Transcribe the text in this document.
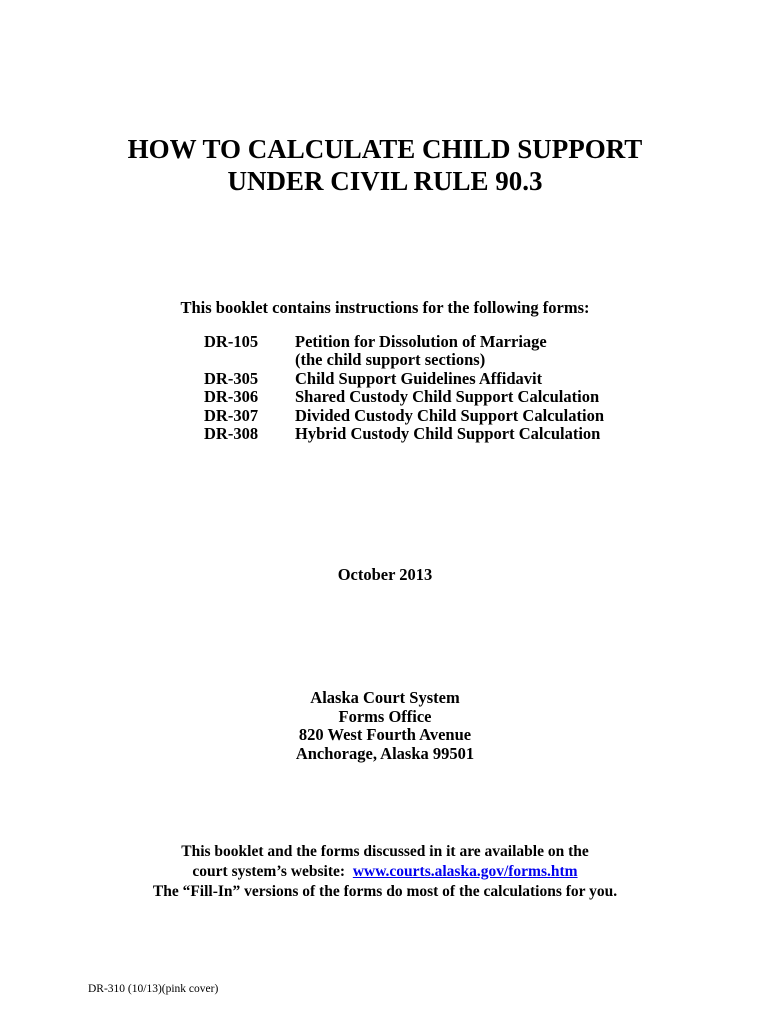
HOW TO CALCULATE CHILD SUPPORT
UNDER CIVIL RULE 90.3
This booklet contains instructions for the following forms:
DR-105	Petition for Dissolution of Marriage
(the child support sections)
DR-305	Child Support Guidelines Affidavit
DR-306	Shared Custody Child Support Calculation
DR-307	Divided Custody Child Support Calculation
DR-308	Hybrid Custody Child Support Calculation
October 2013
Alaska Court System
Forms Office
820 West Fourth Avenue
Anchorage, Alaska 99501
This booklet and the forms discussed in it are available on the
court system’s website: www.courts.alaska.gov/forms.htm
The “Fill-In” versions of the forms do most of the calculations for you.
DR-310 (10/13)(pink cover)
